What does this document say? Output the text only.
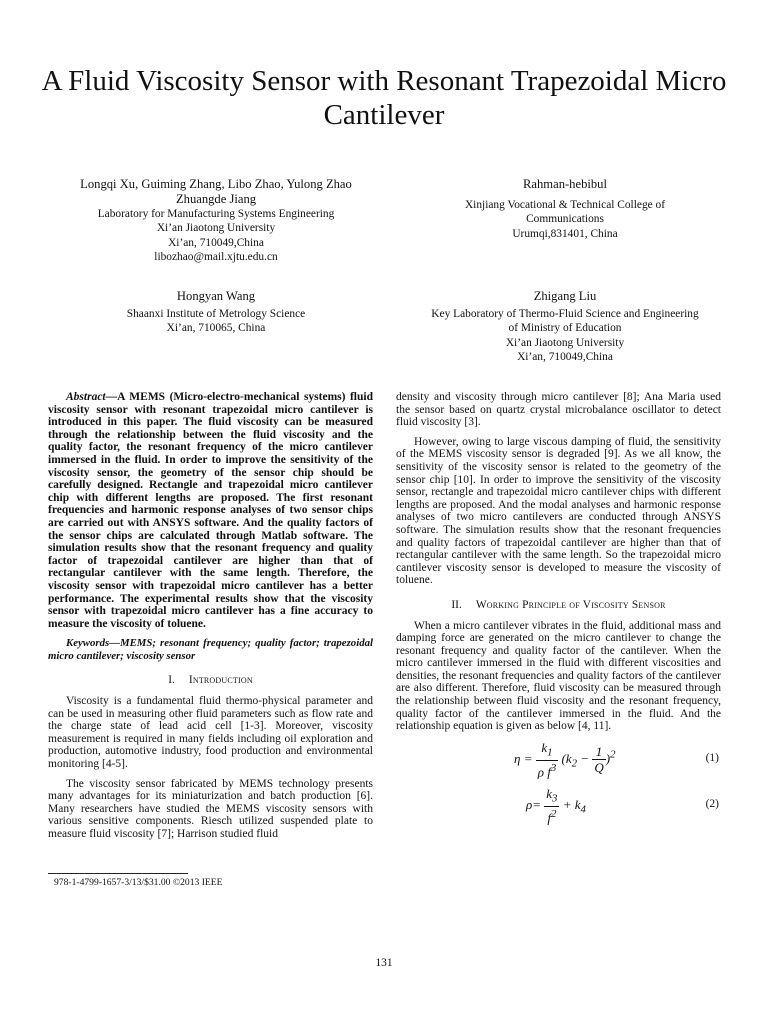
A Fluid Viscosity Sensor with Resonant Trapezoidal Micro Cantilever
Longqi Xu, Guiming Zhang, Libo Zhao, Yulong Zhao
Zhuangde Jiang
Laboratory for Manufacturing Systems Engineering
Xi’an Jiaotong University
Xi’an, 710049,China
libozhao@mail.xjtu.edu.cn
Rahman-hebibul
Xinjiang Vocational & Technical College of
Communications
Urumqi,831401, China
Hongyan Wang
Shaanxi Institute of Metrology Science
Xi’an, 710065, China
Zhigang Liu
Key Laboratory of Thermo-Fluid Science and Engineering
of Ministry of Education
Xi’an Jiaotong University
Xi’an, 710049,China

Abstract—A MEMS (Micro-electro-mechanical systems) fluid viscosity sensor with resonant trapezoidal micro cantilever is introduced in this paper. The fluid viscosity can be measured through the relationship between the fluid viscosity and the quality factor, the resonant frequency of the micro cantilever immersed in the fluid. In order to improve the sensitivity of the viscosity sensor, the geometry of the sensor chip should be carefully designed. Rectangle and trapezoidal micro cantilever chip with different lengths are proposed. The first resonant frequencies and harmonic response analyses of two sensor chips are carried out with ANSYS software. And the quality factors of the sensor chips are calculated through Matlab software. The simulation results show that the resonant frequency and quality factor of trapezoidal cantilever are higher than that of rectangular cantilever with the same length. Therefore, the viscosity sensor with trapezoidal micro cantilever has a better performance. The experimental results show that the viscosity sensor with trapezoidal micro cantilever has a fine accuracy to measure the viscosity of toluene.

Keywords—MEMS; resonant frequency; quality factor; trapezoidal micro cantilever; viscosity sensor

I. Introduction

Viscosity is a fundamental fluid thermo-physical parameter and can be used in measuring other fluid parameters such as flow rate and the charge state of lead acid cell [1-3]. Moreover, viscosity measurement is required in many fields including oil exploration and production, automotive industry, food production and environmental monitoring [4-5].

The viscosity sensor fabricated by MEMS technology presents many advantages for its miniaturization and batch production [6]. Many researchers have studied the MEMS viscosity sensors with various sensitive components. Riesch utilized suspended plate to measure fluid viscosity [7]; Harrison studied fluid

density and viscosity through micro cantilever [8]; Ana Maria used the sensor based on quartz crystal microbalance oscillator to detect fluid viscosity [3].

However, owing to large viscous damping of fluid, the sensitivity of the MEMS viscosity sensor is degraded [9]. As we all know, the sensitivity of the viscosity sensor is related to the geometry of the sensor chip [10]. In order to improve the sensitivity of the viscosity sensor, rectangle and trapezoidal micro cantilever chips with different lengths are proposed. And the modal analyses and harmonic response analyses of two micro cantilevers are conducted through ANSYS software. The simulation results show that the resonant frequencies and quality factors of trapezoidal cantilever are higher than that of rectangular cantilever with the same length. So the trapezoidal micro cantilever viscosity sensor is developed to measure the viscosity of toluene.

II. Working Principle of Viscosity Sensor

When a micro cantilever vibrates in the fluid, additional mass and damping force are generated on the micro cantilever to change the resonant frequency and quality factor of the cantilever. When the micro cantilever immersed in the fluid with different viscosities and densities, the resonant frequencies and quality factors of the cantilever are also different. Therefore, fluid viscosity can be measured through the relationship between fluid viscosity and the resonant frequency, quality factor of the cantilever immersed in the fluid. And the relationship equation is given as below [4, 11].

$\eta = \frac{k_1}{\rho f^3} (k_2 - \frac{1}{Q} )^2$	(1)
$\rho= \frac{k_3}{f^2} + k_4$	(2)
978-1-4799-1657-3/13/$31.00 ©2013 IEEE
131
